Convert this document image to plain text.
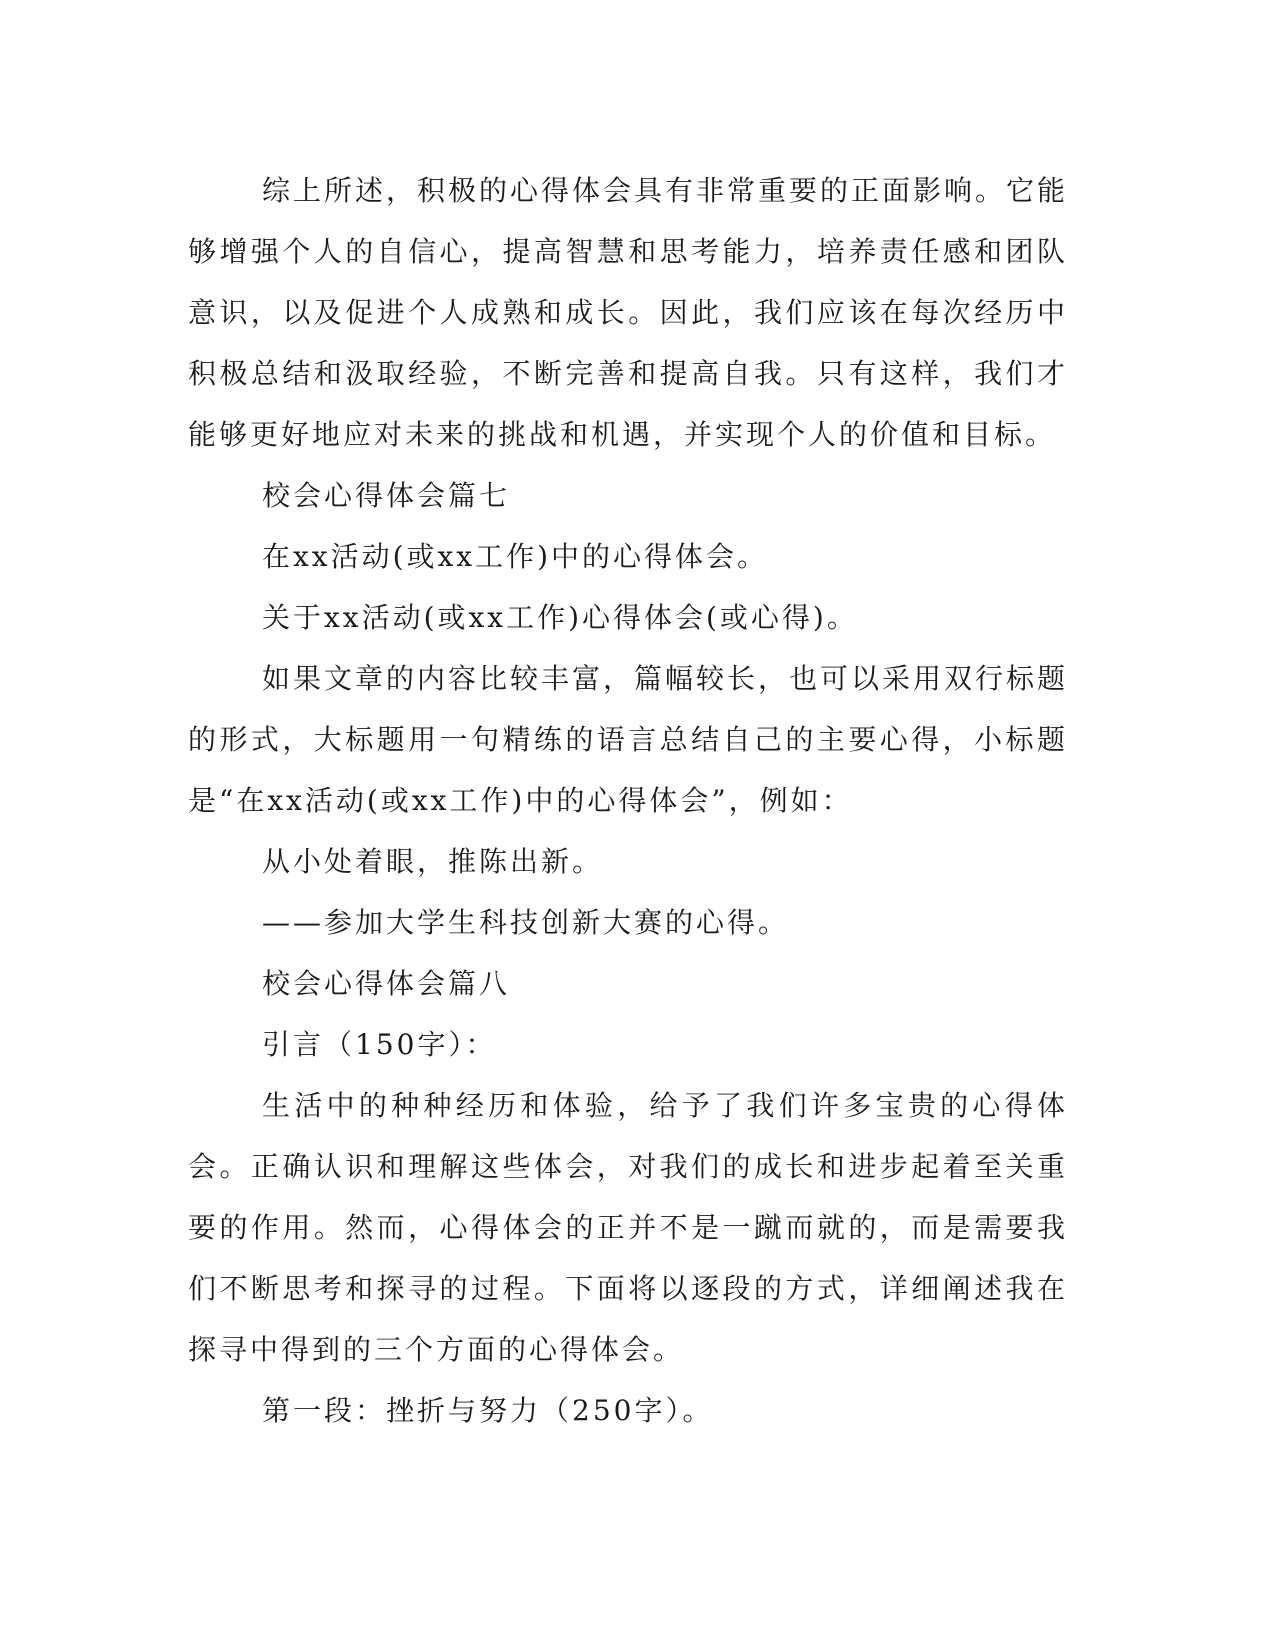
综上所述，积极的心得体会具有非常重要的正面影响。它能够增强个人的自信心，提高智慧和思考能力，培养责任感和团队意识，以及促进个人成熟和成长。因此，我们应该在每次经历中积极总结和汲取经验，不断完善和提高自我。只有这样，我们才能够更好地应对未来的挑战和机遇，并实现个人的价值和目标。

校会心得体会篇七

在xx活动(或xx工作)中的心得体会。

关于xx活动(或xx工作)心得体会(或心得)。

如果文章的内容比较丰富，篇幅较长，也可以采用双行标题的形式，大标题用一句精练的语言总结自己的主要心得，小标题是“在xx活动(或xx工作)中的心得体会”，例如：

从小处着眼，推陈出新。

——参加大学生科技创新大赛的心得。

校会心得体会篇八

引言（150字）：

生活中的种种经历和体验，给予了我们许多宝贵的心得体会。正确认识和理解这些体会，对我们的成长和进步起着至关重要的作用。然而，心得体会的正并不是一蹴而就的，而是需要我们不断思考和探寻的过程。下面将以逐段的方式，详细阐述我在探寻中得到的三个方面的心得体会。

第一段：挫折与努力（250字）。
